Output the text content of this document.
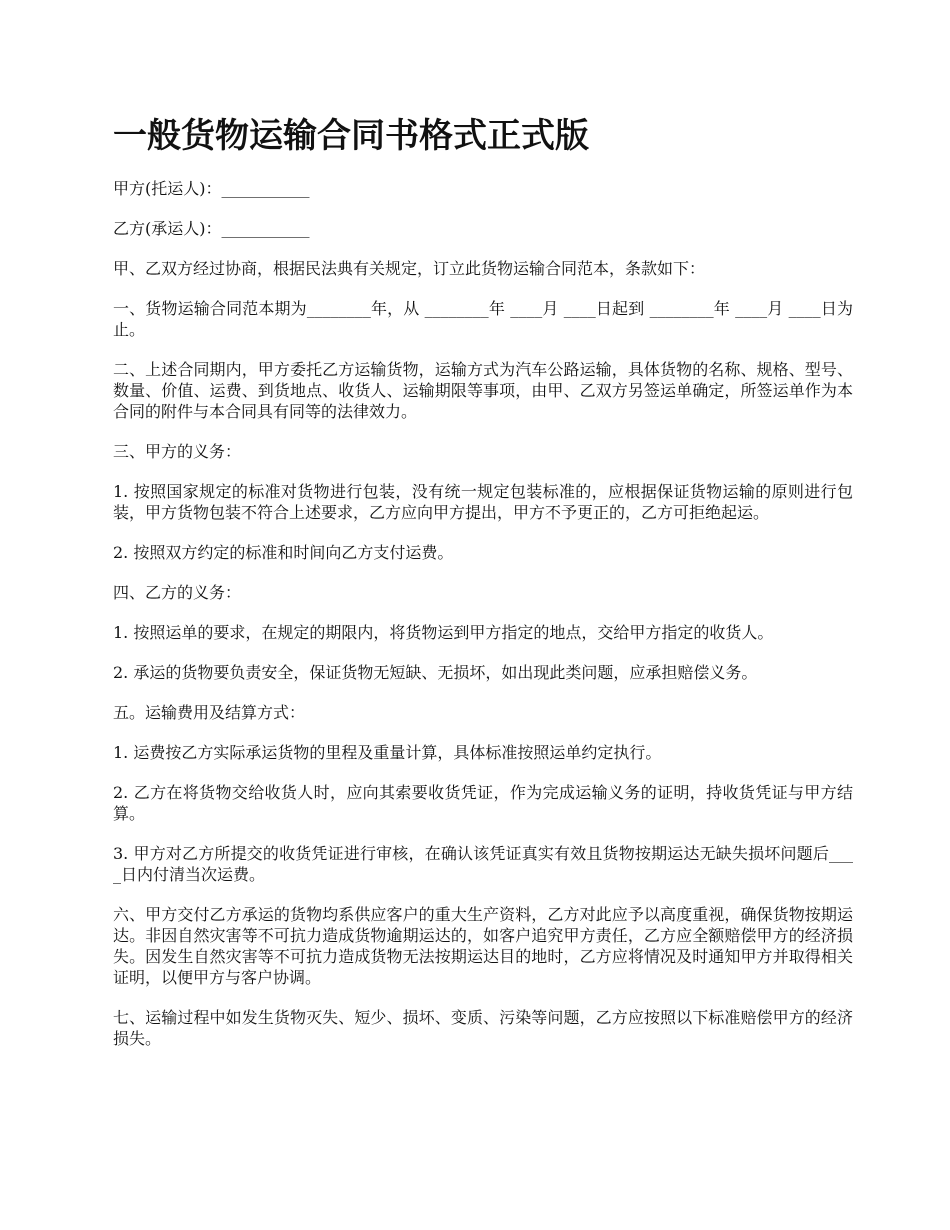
一般货物运输合同书格式正式版

甲方(托运人)：___________

乙方(承运人)：___________

甲、乙双方经过协商，根据民法典有关规定，订立此货物运输合同范本，条款如下：

一、货物运输合同范本期为________年，从 ________年 ____月 ____日起到 ________年 ____月 ____日为止。

二、上述合同期内，甲方委托乙方运输货物，运输方式为汽车公路运输，具体货物的名称、规格、型号、数量、价值、运费、到货地点、收货人、运输期限等事项，由甲、乙双方另签运单确定，所签运单作为本合同的附件与本合同具有同等的法律效力。

三、甲方的义务：

1. 按照国家规定的标准对货物进行包装，没有统一规定包装标准的，应根据保证货物运输的原则进行包装，甲方货物包装不符合上述要求，乙方应向甲方提出，甲方不予更正的，乙方可拒绝起运。

2. 按照双方约定的标准和时间向乙方支付运费。

四、乙方的义务：

1. 按照运单的要求，在规定的期限内，将货物运到甲方指定的地点，交给甲方指定的收货人。

2. 承运的货物要负责安全，保证货物无短缺、无损坏，如出现此类问题，应承担赔偿义务。

五。运输费用及结算方式：

1. 运费按乙方实际承运货物的里程及重量计算，具体标准按照运单约定执行。

2. 乙方在将货物交给收货人时，应向其索要收货凭证，作为完成运输义务的证明，持收货凭证与甲方结算。

3. 甲方对乙方所提交的收货凭证进行审核，在确认该凭证真实有效且货物按期运达无缺失损坏问题后____日内付清当次运费。

六、甲方交付乙方承运的货物均系供应客户的重大生产资料，乙方对此应予以高度重视，确保货物按期运达。非因自然灾害等不可抗力造成货物逾期运达的，如客户追究甲方责任，乙方应全额赔偿甲方的经济损失。因发生自然灾害等不可抗力造成货物无法按期运达目的地时，乙方应将情况及时通知甲方并取得相关证明，以便甲方与客户协调。

七、运输过程中如发生货物灭失、短少、损坏、变质、污染等问题，乙方应按照以下标准赔偿甲方的经济损失。
